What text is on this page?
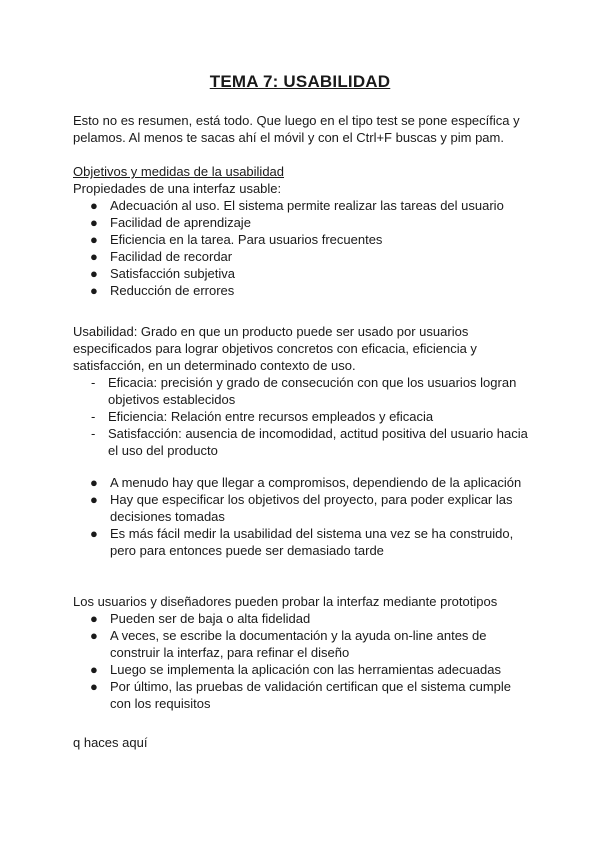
TEMA 7: USABILIDAD

Esto no es resumen, está todo. Que luego en el tipo test se pone específica y pelamos. Al menos te sacas ahí el móvil y con el Ctrl+F buscas y pim pam.

Objetivos y medidas de la usabilidad

Propiedades de una interfaz usable:

● Adecuación al uso. El sistema permite realizar las tareas del usuario
● Facilidad de aprendizaje
● Eficiencia en la tarea. Para usuarios frecuentes
● Facilidad de recordar
● Satisfacción subjetiva
● Reducción de errores

Usabilidad: Grado en que un producto puede ser usado por usuarios especificados para lograr objetivos concretos con eficacia, eficiencia y satisfacción, en un determinado contexto de uso.

- Eficacia: precisión y grado de consecución con que los usuarios logran objetivos establecidos
- Eficiencia: Relación entre recursos empleados y eficacia
- Satisfacción: ausencia de incomodidad, actitud positiva del usuario hacia el uso del producto
● A menudo hay que llegar a compromisos, dependiendo de la aplicación
● Hay que especificar los objetivos del proyecto, para poder explicar las decisiones tomadas
● Es más fácil medir la usabilidad del sistema una vez se ha construido, pero para entonces puede ser demasiado tarde

Los usuarios y diseñadores pueden probar la interfaz mediante prototipos

● Pueden ser de baja o alta fidelidad
● A veces, se escribe la documentación y la ayuda on-line antes de construir la interfaz, para refinar el diseño
● Luego se implementa la aplicación con las herramientas adecuadas
● Por último, las pruebas de validación certifican que el sistema cumple con los requisitos

q haces aquí
